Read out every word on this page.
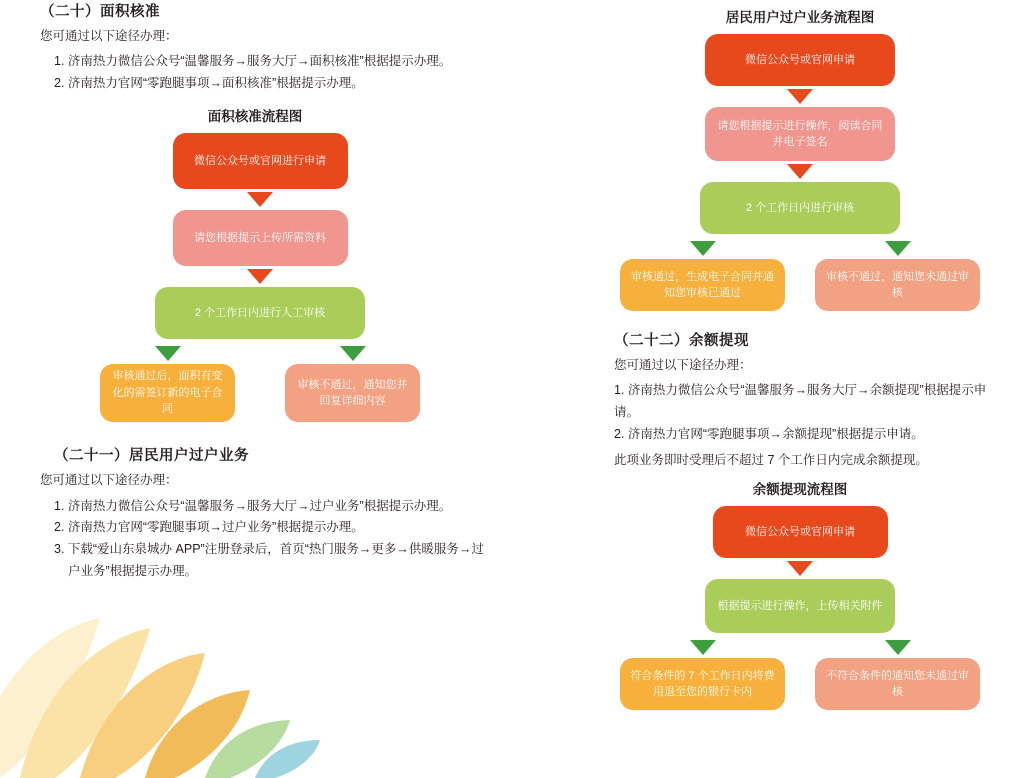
（二十）面积核准

您可通过以下途径办理：

1. 济南热力微信公众号“温馨服务→服务大厅→面积核准”根据提示办理。
2. 济南热力官网“零跑腿事项→面积核准”根据提示办理。
面积核准流程图
微信公众号或官网进行申请
请您根据提示上传所需资料
2 个工作日内进行人工审核
审核通过后，面积有变化的需签订新的电子合同
审核不通过，通知您并回复详细内容
（二十一）居民用户过户业务

您可通过以下途径办理：

1. 济南热力微信公众号“温馨服务→服务大厅→过户业务”根据提示办理。
2. 济南热力官网“零跑腿事项→过户业务”根据提示办理。
3. 下载“爱山东泉城办 APP”注册登录后，首页“热门服务→更多→供暖服务→过户业务”根据提示办理。
居民用户过户业务流程图
微信公众号或官网申请
请您根据提示进行操作，阅读合同并电子签名
2 个工作日内进行审核
审核通过，生成电子合同并通知您审核已通过
审核不通过，通知您未通过审核
（二十二）余额提现

您可通过以下途径办理：

1. 济南热力微信公众号“温馨服务→服务大厅→余额提现”根据提示申请。
2. 济南热力官网“零跑腿事项→余额提现”根据提示申请。

此项业务即时受理后不超过 7 个工作日内完成余额提现。

余额提现流程图
微信公众号或官网申请
根据提示进行操作，上传相关附件
符合条件的 7 个工作日内将费用退至您的银行卡内
不符合条件的通知您未通过审核
